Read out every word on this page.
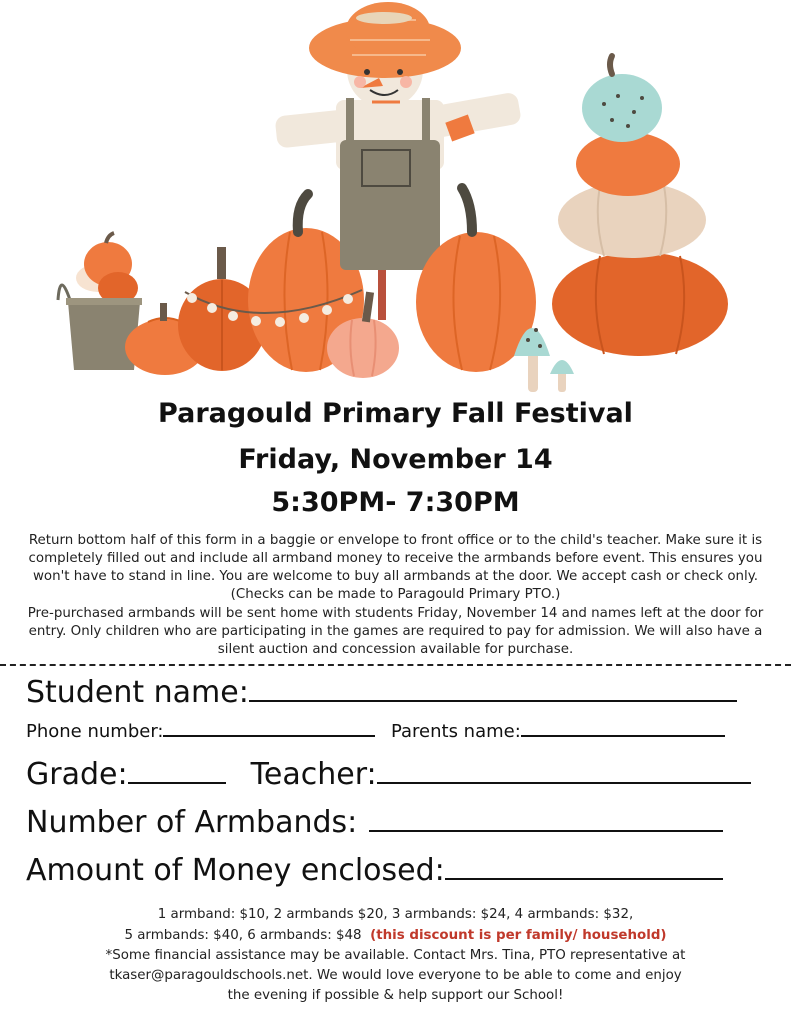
Paragould Primary Fall Festival
Friday, November 14
5:30PM- 7:30PM
Return bottom half of this form in a baggie or envelope to front office or to the child's teacher. Make sure it is completely filled out and include all armband money to receive the armbands before event. This ensures you won't have to stand in line. You are welcome to buy all armbands at the door. We accept cash or check only. (Checks can be made to Paragould Primary PTO.)
Pre-purchased armbands will be sent home with students Friday, November 14 and names left at the door for entry. Only children who are participating in the games are required to pay for admission. We will also have a silent auction and concession available for purchase.
Student name:
Phone number:	Parents name:
Grade:	Teacher:
Number of Armbands:
Amount of Money enclosed:
1 armband: $10, 2 armbands $20, 3 armbands: $24, 4 armbands: $32,
5 armbands: $40, 6 armbands: $48 (this discount is per family/ household)
*Some financial assistance may be available. Contact Mrs. Tina, PTO representative at
tkaser@paragouldschools.net. We would love everyone to be able to come and enjoy
the evening if possible & help support our School!
